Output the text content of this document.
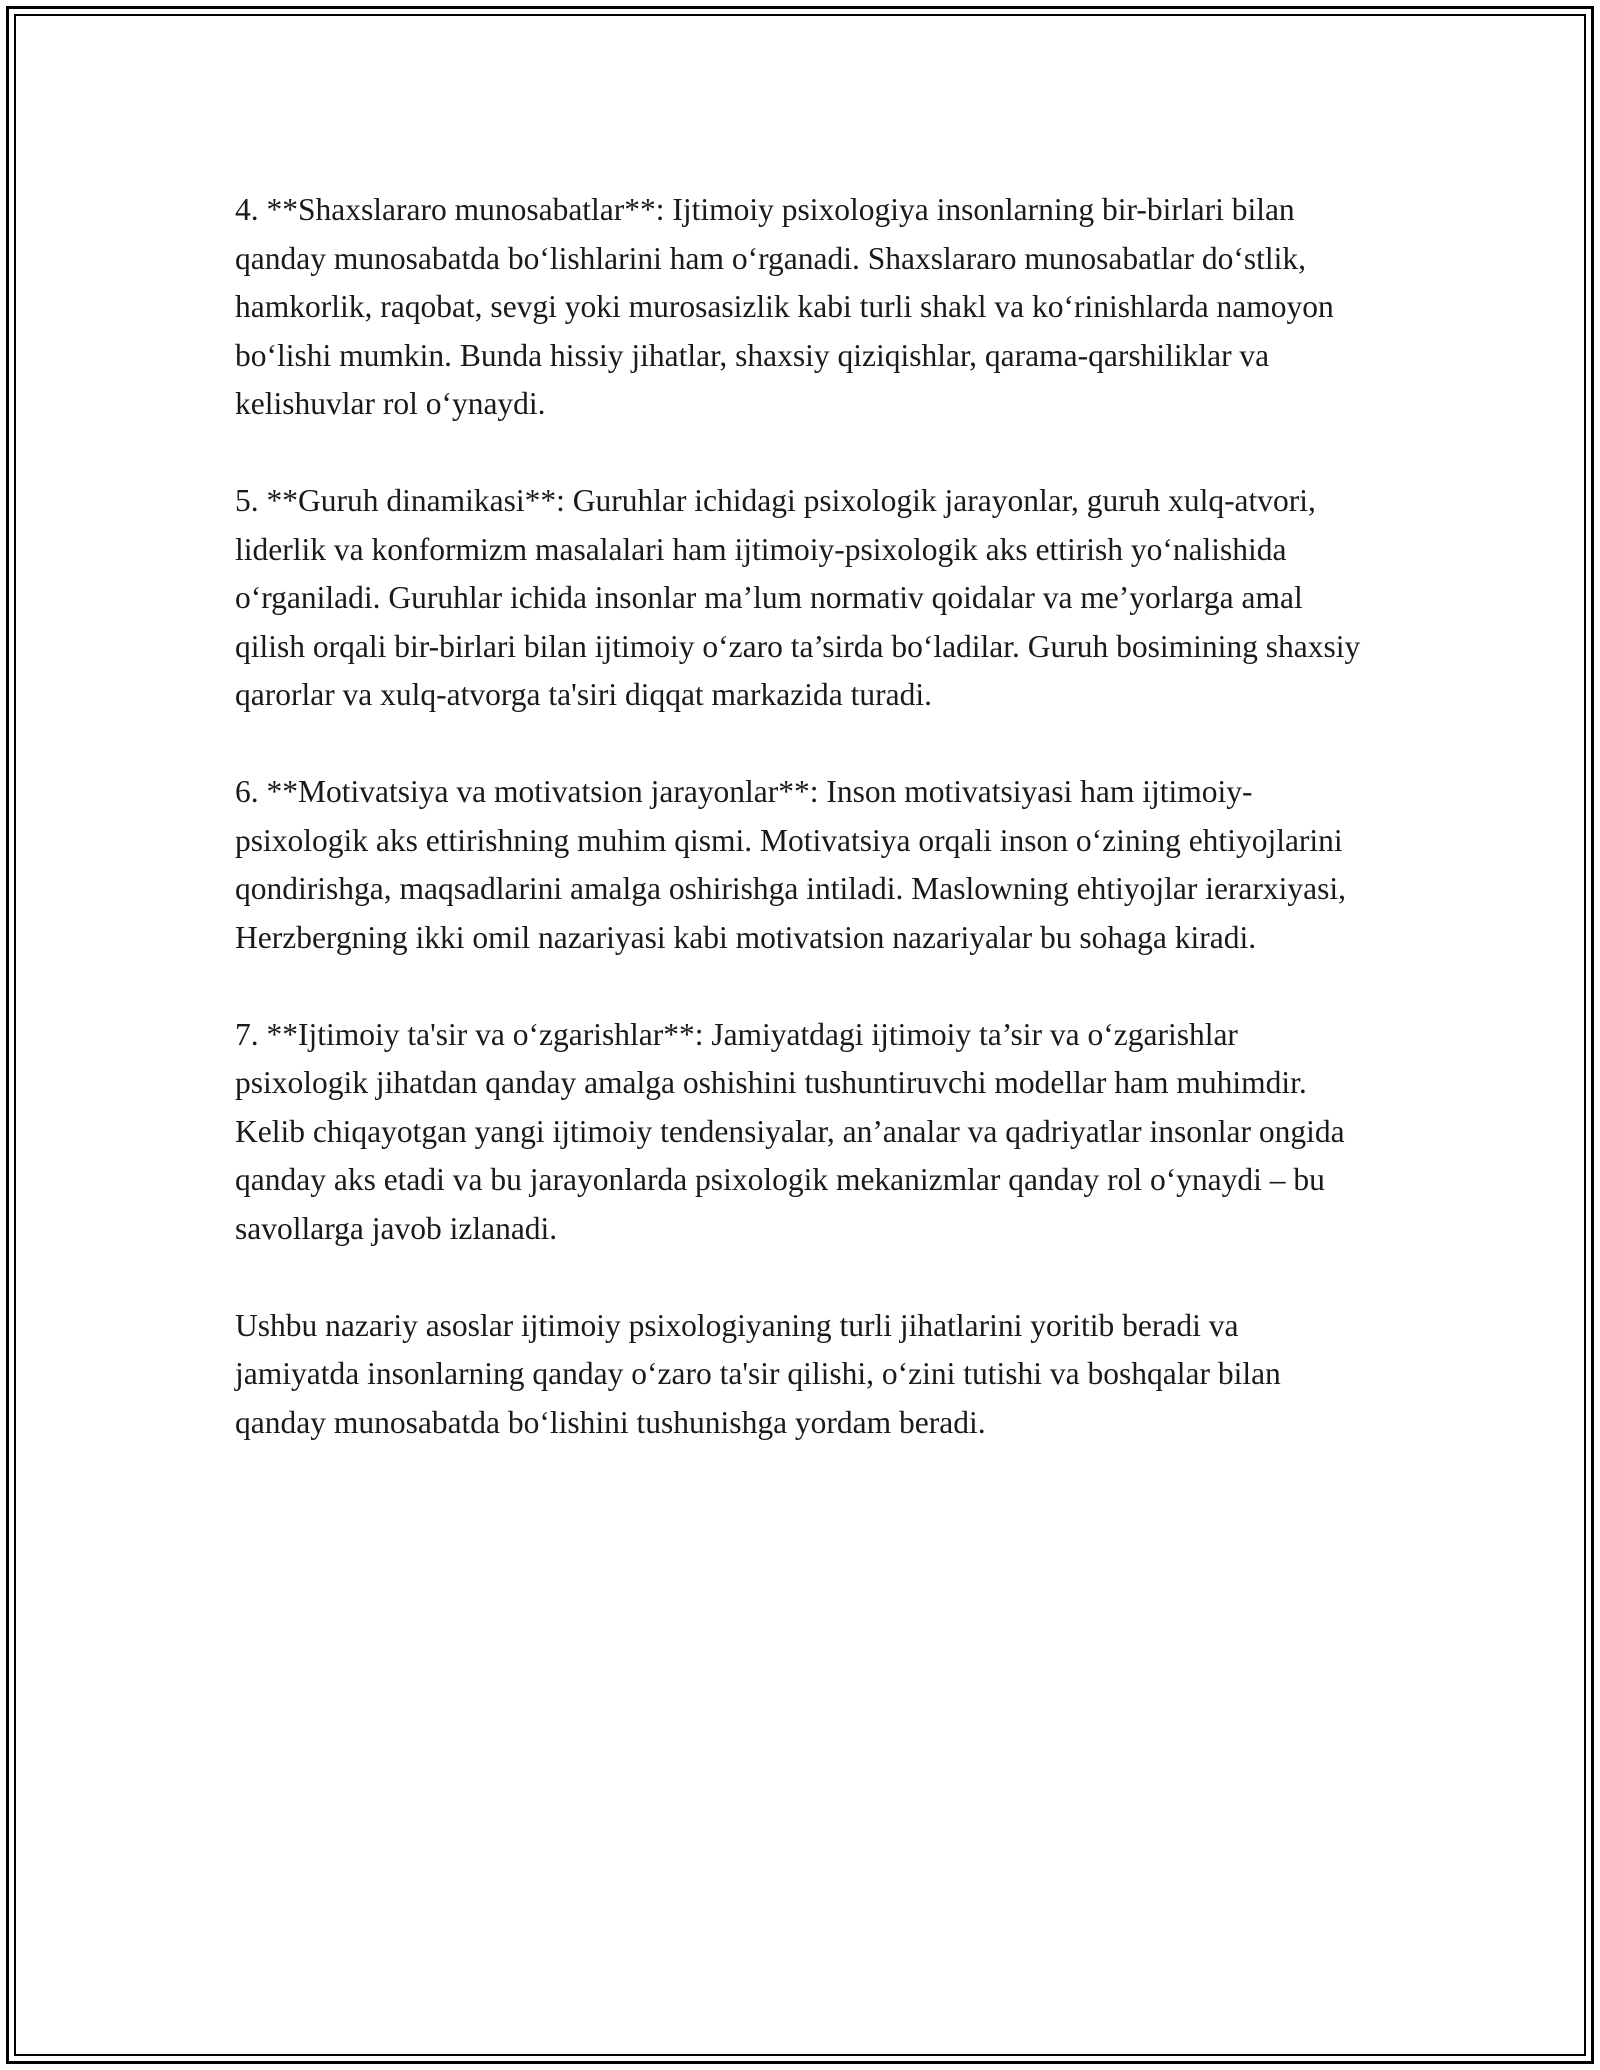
4. **Shaxslararo munosabatlar**: Ijtimoiy psixologiya insonlarning bir-birlari bilan qanday munosabatda bo‘lishlarini ham o‘rganadi. Shaxslararo munosabatlar do‘stlik, hamkorlik, raqobat, sevgi yoki murosasizlik kabi turli shakl va ko‘rinishlarda namoyon bo‘lishi mumkin. Bunda hissiy jihatlar, shaxsiy qiziqishlar, qarama-qarshiliklar va kelishuvlar rol o‘ynaydi.

5. **Guruh dinamikasi**: Guruhlar ichidagi psixologik jarayonlar, guruh xulq-atvori, liderlik va konformizm masalalari ham ijtimoiy-psixologik aks ettirish yo‘nalishida o‘rganiladi. Guruhlar ichida insonlar ma’lum normativ qoidalar va me’yorlarga amal qilish orqali bir-birlari bilan ijtimoiy o‘zaro ta’sirda bo‘ladilar. Guruh bosimining shaxsiy qarorlar va xulq-atvorga ta'siri diqqat markazida turadi.

6. **Motivatsiya va motivatsion jarayonlar**: Inson motivatsiyasi ham ijtimoiy-psixologik aks ettirishning muhim qismi. Motivatsiya orqali inson o‘zining ehtiyojlarini qondirishga, maqsadlarini amalga oshirishga intiladi. Maslowning ehtiyojlar ierarxiyasi, Herzbergning ikki omil nazariyasi kabi motivatsion nazariyalar bu sohaga kiradi.

7. **Ijtimoiy ta'sir va o‘zgarishlar**: Jamiyatdagi ijtimoiy ta’sir va o‘zgarishlar psixologik jihatdan qanday amalga oshishini tushuntiruvchi modellar ham muhimdir. Kelib chiqayotgan yangi ijtimoiy tendensiyalar, an’analar va qadriyatlar insonlar ongida qanday aks etadi va bu jarayonlarda psixologik mekanizmlar qanday rol o‘ynaydi – bu savollarga javob izlanadi.

Ushbu nazariy asoslar ijtimoiy psixologiyaning turli jihatlarini yoritib beradi va jamiyatda insonlarning qanday o‘zaro ta'sir qilishi, o‘zini tutishi va boshqalar bilan qanday munosabatda bo‘lishini tushunishga yordam beradi.
